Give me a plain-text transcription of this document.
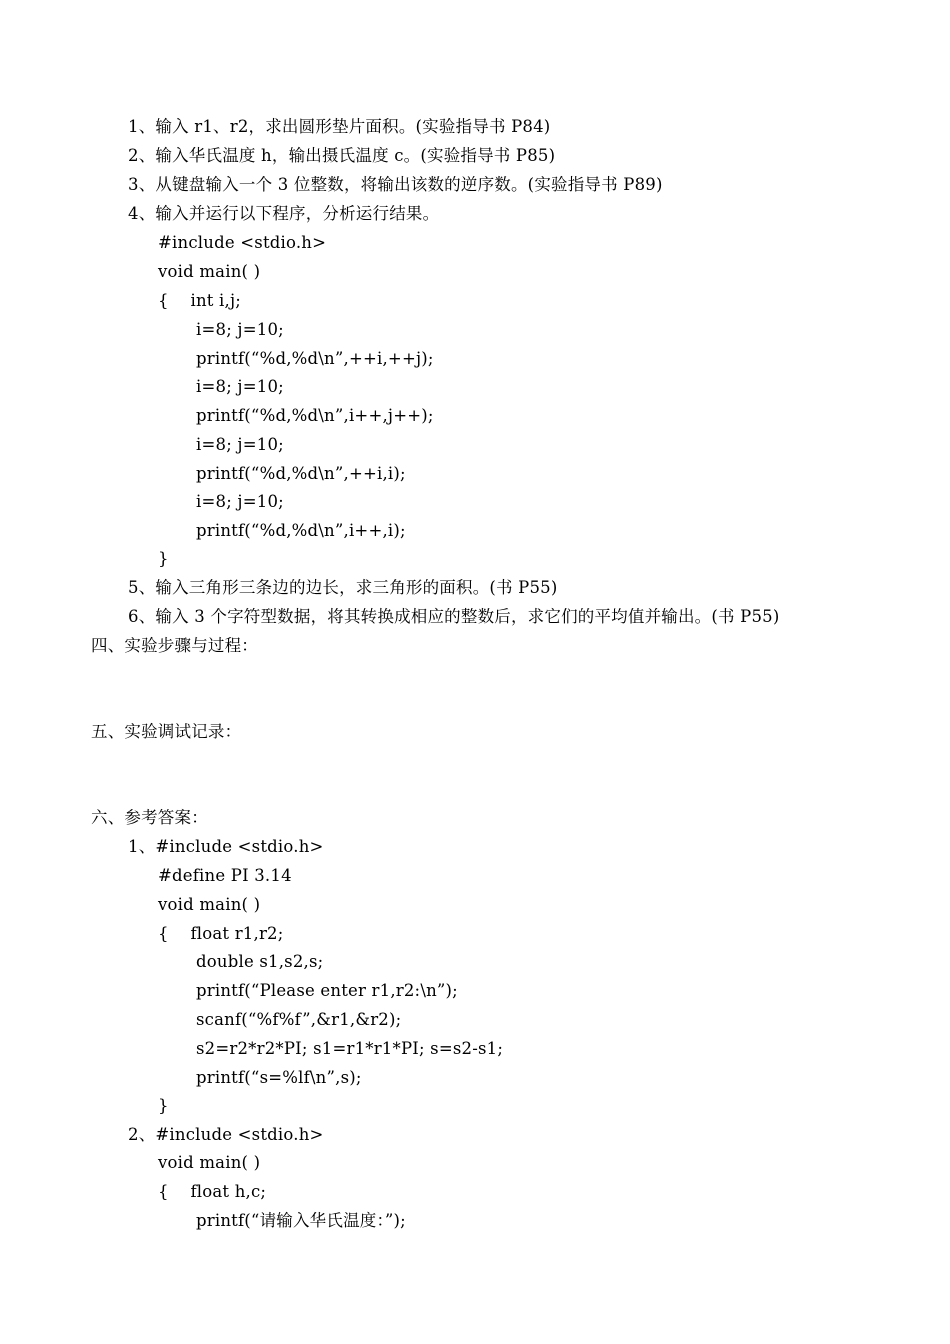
1、输入 r1、r2，求出圆形垫片面积。(实验指导书 P84)
2、输入华氏温度 h，输出摄氏温度 c。(实验指导书 P85)
3、从键盘输入一个 3 位整数，将输出该数的逆序数。(实验指导书 P89)
4、输入并运行以下程序，分析运行结果。
#include <stdio.h>
void main( )
{    int i,j;
i=8; j=10;
printf(“%d,%d\n”,++i,++j);
i=8; j=10;
printf(“%d,%d\n”,i++,j++);
i=8; j=10;
printf(“%d,%d\n”,++i,i);
i=8; j=10;
printf(“%d,%d\n”,i++,i);
}
5、输入三角形三条边的边长，求三角形的面积。(书 P55)
6、输入 3 个字符型数据，将其转换成相应的整数后，求它们的平均值并输出。(书 P55)
四、实验步骤与过程：
五、实验调试记录：
六、参考答案：
1、#include <stdio.h>
#define PI 3.14
void main( )
{    float r1,r2;
double s1,s2,s;
printf(“Please enter r1,r2:\n”);
scanf(“%f%f”,&r1,&r2);
s2=r2*r2*PI; s1=r1*r1*PI; s=s2-s1;
printf(“s=%lf\n”,s);
}
2、#include <stdio.h>
void main( )
{    float h,c;
printf(“请输入华氏温度：”);
